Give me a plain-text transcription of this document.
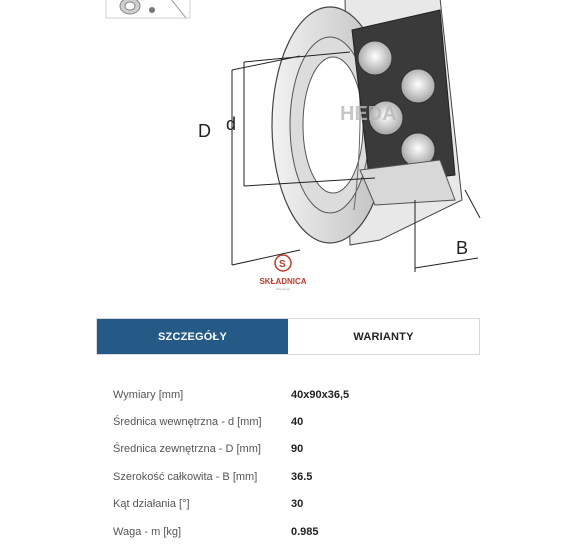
HEDA
D d
B
S
SKŁADNICA
łożyskowa
SZCZEGÓŁY	WARIANTY
Wymiary [mm]	40x90x36,5
Średnica wewnętrzna - d [mm]	40
Średnica zewnętrzna - D [mm]	90
Szerokość całkowita - B [mm]	36.5
Kąt działania [°]	30
Waga - m [kg]	0.985
